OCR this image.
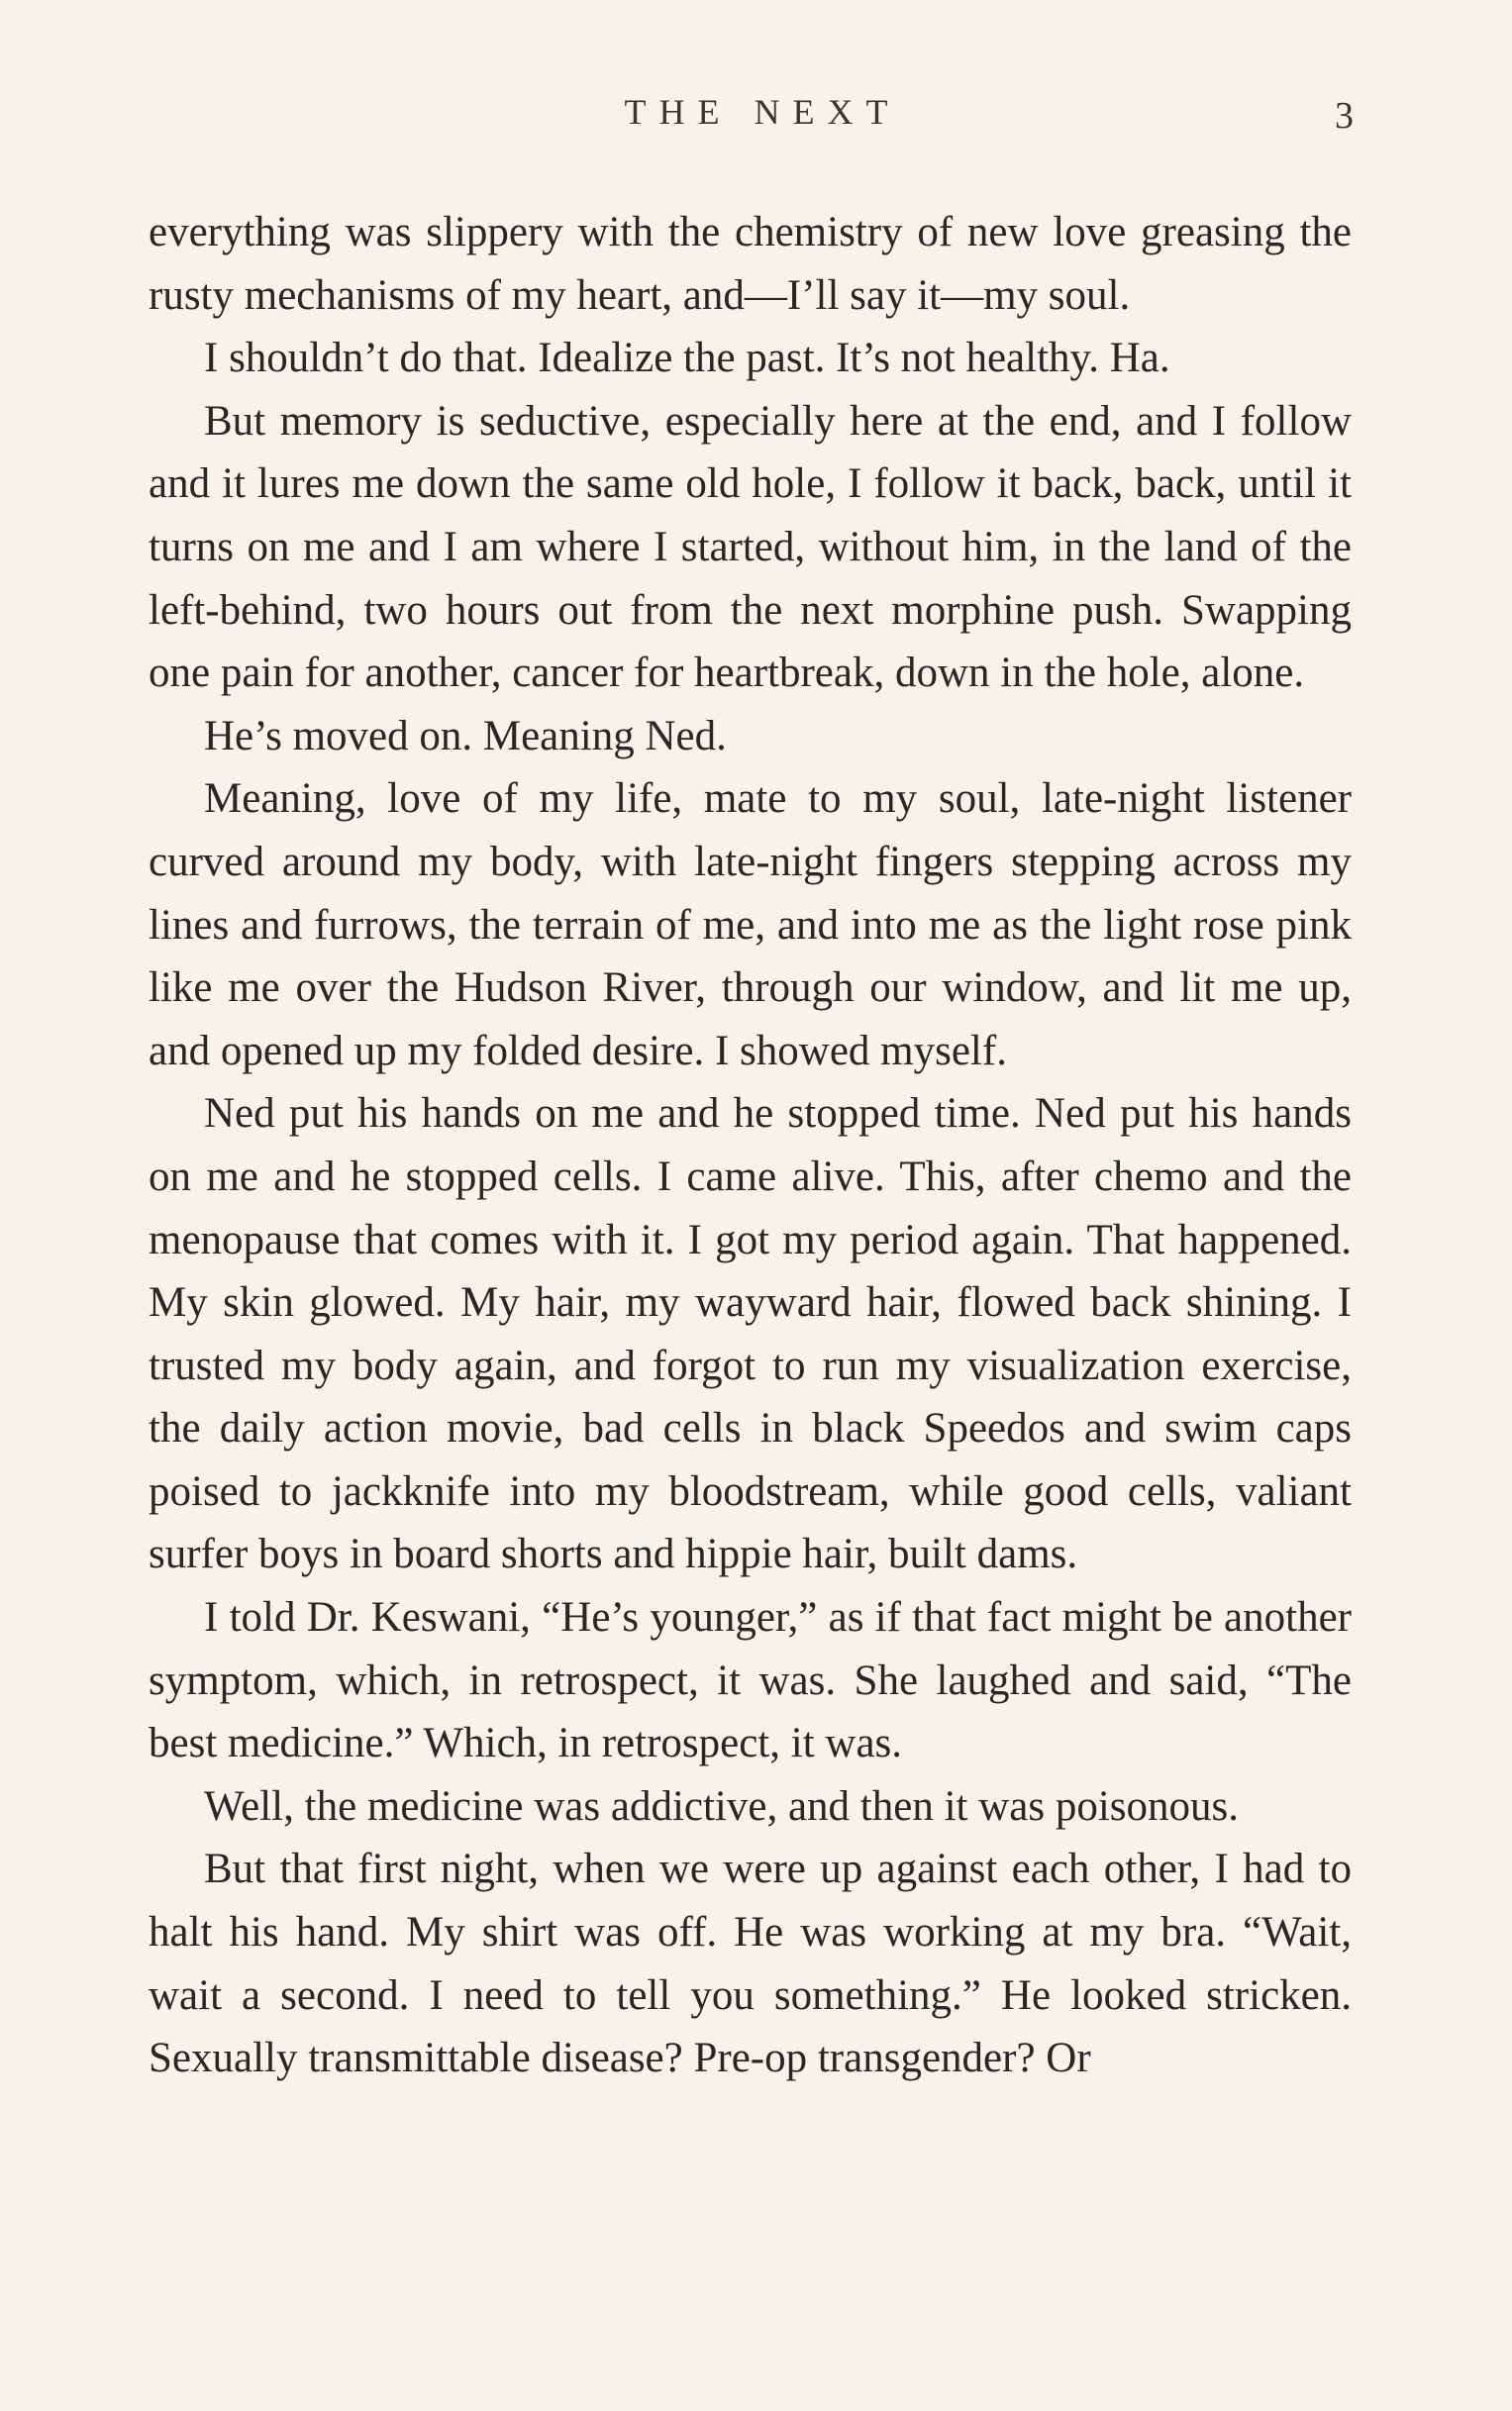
THE NEXT	3

everything was slippery with the chemistry of new love greasing the rusty mechanisms of my heart, and—I’ll say it—my soul.

I shouldn’t do that. Idealize the past. It’s not healthy. Ha.

But memory is seductive, especially here at the end, and I follow and it lures me down the same old hole, I follow it back, back, until it turns on me and I am where I started, without him, in the land of the left-behind, two hours out from the next morphine push. Swapping one pain for another, cancer for heartbreak, down in the hole, alone.

He’s moved on. Meaning Ned.

Meaning, love of my life, mate to my soul, late-night listener curved around my body, with late-night fingers stepping across my lines and furrows, the terrain of me, and into me as the light rose pink like me over the Hudson River, through our window, and lit me up, and opened up my folded desire. I showed myself.

Ned put his hands on me and he stopped time. Ned put his hands on me and he stopped cells. I came alive. This, after chemo and the menopause that comes with it. I got my period again. That happened. My skin glowed. My hair, my wayward hair, flowed back shining. I trusted my body again, and forgot to run my visualization exercise, the daily action movie, bad cells in black Speedos and swim caps poised to jackknife into my bloodstream, while good cells, valiant surfer boys in board shorts and hippie hair, built dams.

I told Dr. Keswani, “He’s younger,” as if that fact might be another symptom, which, in retrospect, it was. She laughed and said, “The best medicine.” Which, in retrospect, it was.

Well, the medicine was addictive, and then it was poisonous.

But that first night, when we were up against each other, I had to halt his hand. My shirt was off. He was working at my bra. “Wait, wait a second. I need to tell you something.” He looked stricken. Sexually transmittable disease? Pre-op transgender? Or
